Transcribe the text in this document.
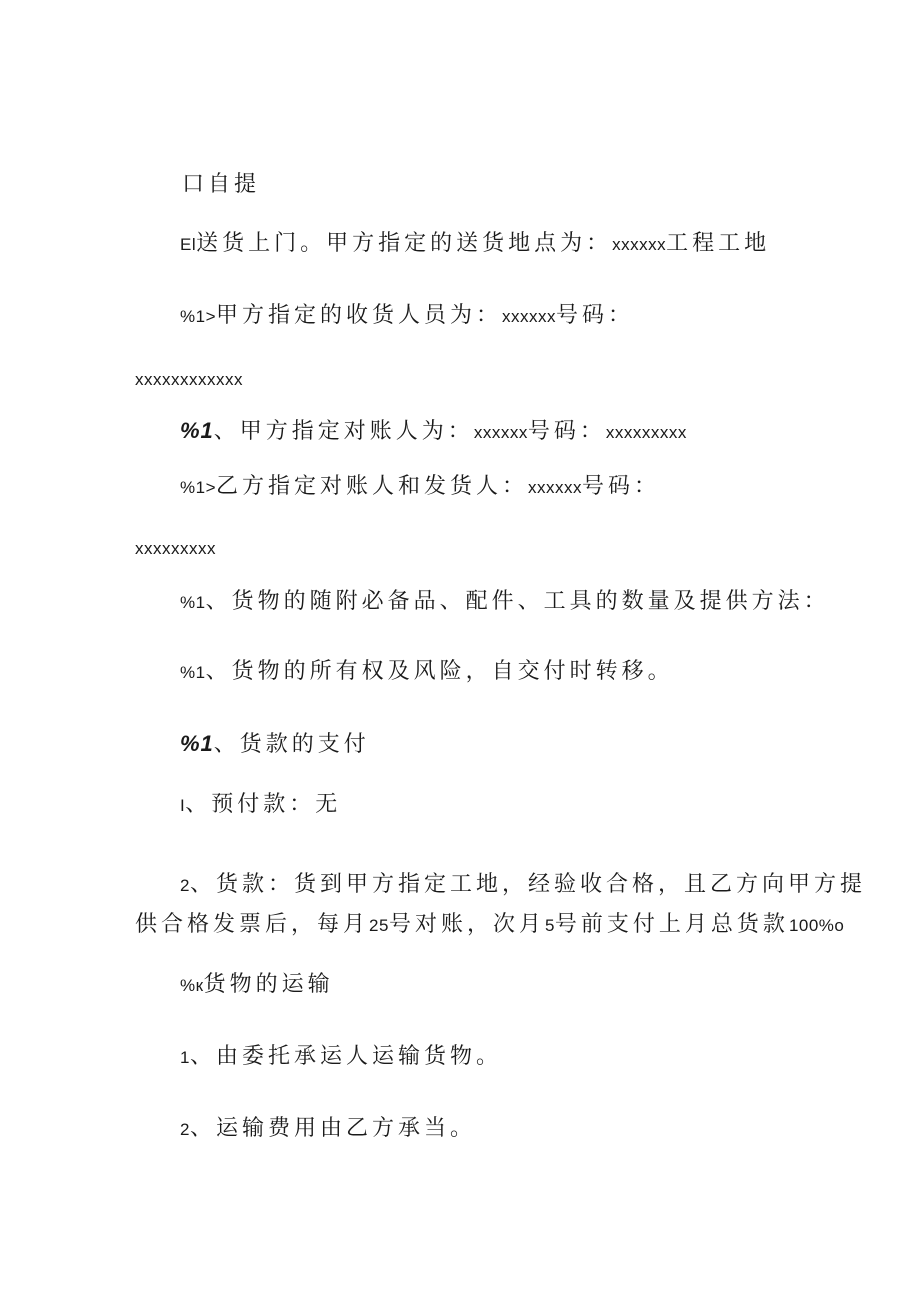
口自提
El送货上门。甲方指定的送货地点为：xxxxxx工程工地
%1>甲方指定的收货人员为：xxxxxx号码：
xxxxxxxxxxxx
%1、甲方指定对账人为：xxxxxx号码：xxxxxxxxx
%1>乙方指定对账人和发货人：xxxxxx号码：
xxxxxxxxx
%1、货物的随附必备品、配件、工具的数量及提供方法：
%1、货物的所有权及风险，自交付时转移。
%1、货款的支付
I、预付款：无
2、货款：货到甲方指定工地，经验收合格，且乙方向甲方提
供合格发票后，每月25号对账，次月5号前支付上月总货款100%o
%к货物的运输
1、由委托承运人运输货物。
2、运输费用由乙方承当。
